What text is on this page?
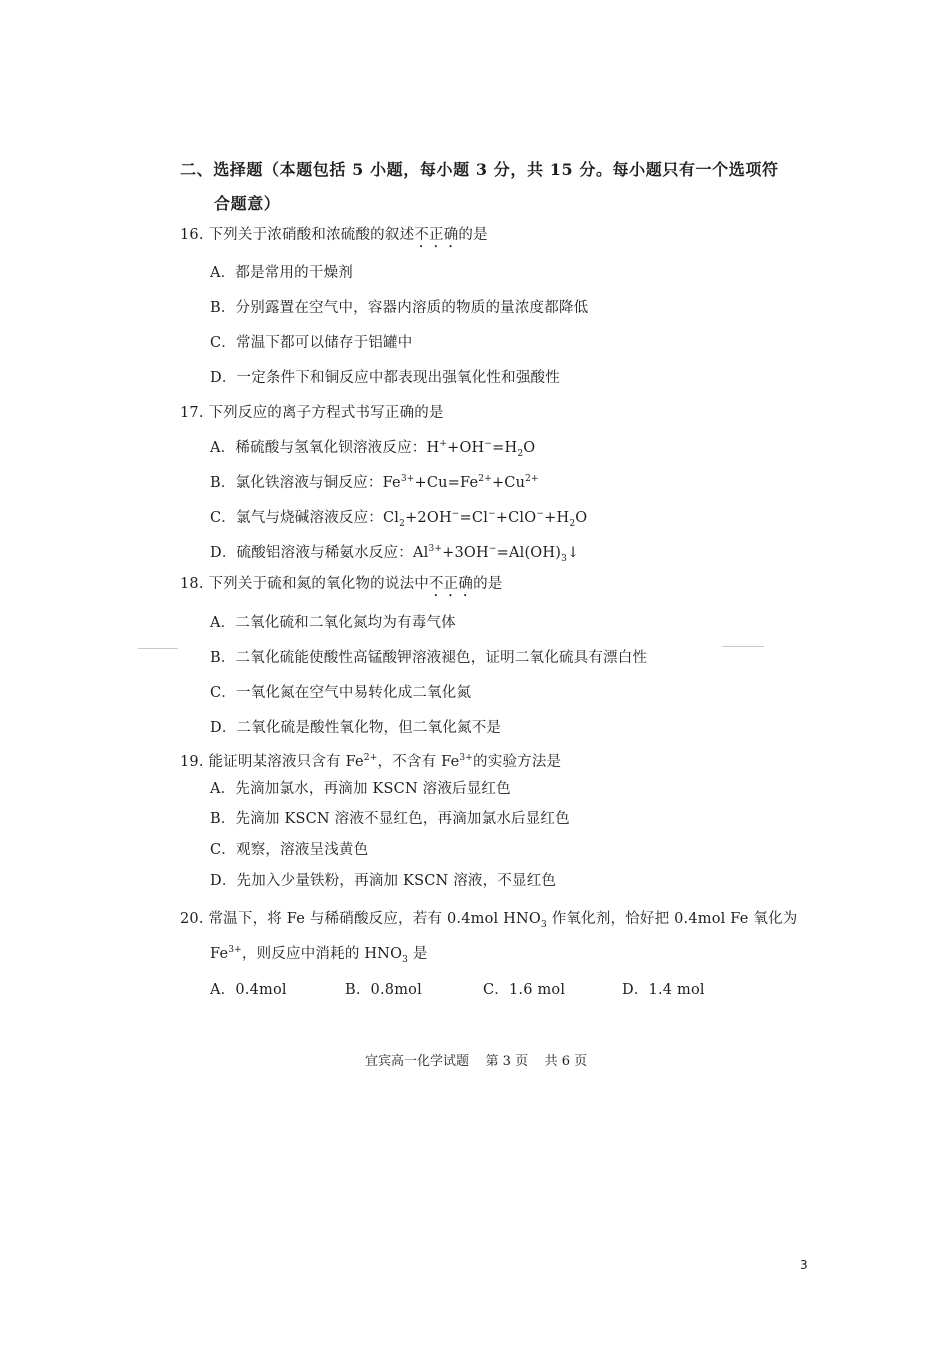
二、选择题（本题包括 5 小题，每小题 3 分，共 15 分。每小题只有一个选项符
合题意）
16. 下列关于浓硝酸和浓硫酸的叙述不正确的是
A．都是常用的干燥剂
B．分别露置在空气中，容器内溶质的物质的量浓度都降低
C．常温下都可以储存于铝罐中
D．一定条件下和铜反应中都表现出强氧化性和强酸性
17. 下列反应的离子方程式书写正确的是
A．稀硫酸与氢氧化钡溶液反应：$H^++OH^-=H_2O$
B．氯化铁溶液与铜反应：$Fe^{3+}+Cu=Fe^{2+}+Cu^{2+}$
C．氯气与烧碱溶液反应：$Cl_2+2OH^-=Cl^-+ClO^-+H_2O$
D．硫酸铝溶液与稀氨水反应：$Al^{3+}+3OH^-=Al(OH)_3↓$
18. 下列关于硫和氮的氧化物的说法中不正确的是
A．二氧化硫和二氧化氮均为有毒气体
B．二氧化硫能使酸性高锰酸钾溶液褪色，证明二氧化硫具有漂白性
C．一氧化氮在空气中易转化成二氧化氮
D．二氧化硫是酸性氧化物，但二氧化氮不是
19. 能证明某溶液只含有 $Fe^{2+}$，不含有 $Fe^{3+}$的实验方法是
A．先滴加氯水，再滴加 KSCN 溶液后显红色
B．先滴加 KSCN 溶液不显红色，再滴加氯水后显红色
C．观察，溶液呈浅黄色
D．先加入少量铁粉，再滴加 KSCN 溶液，不显红色
20. 常温下，将 Fe 与稀硝酸反应，若有 0.4mol $HNO_3$ 作氧化剂，恰好把 0.4mol Fe 氧化为
$Fe^{3+}$，则反应中消耗的 $HNO_3$ 是
A．0.4mol	B．0.8mol	C．1.6 mol	D．1.4 mol
宜宾高一化学试题    第 3 页    共 6 页
3
